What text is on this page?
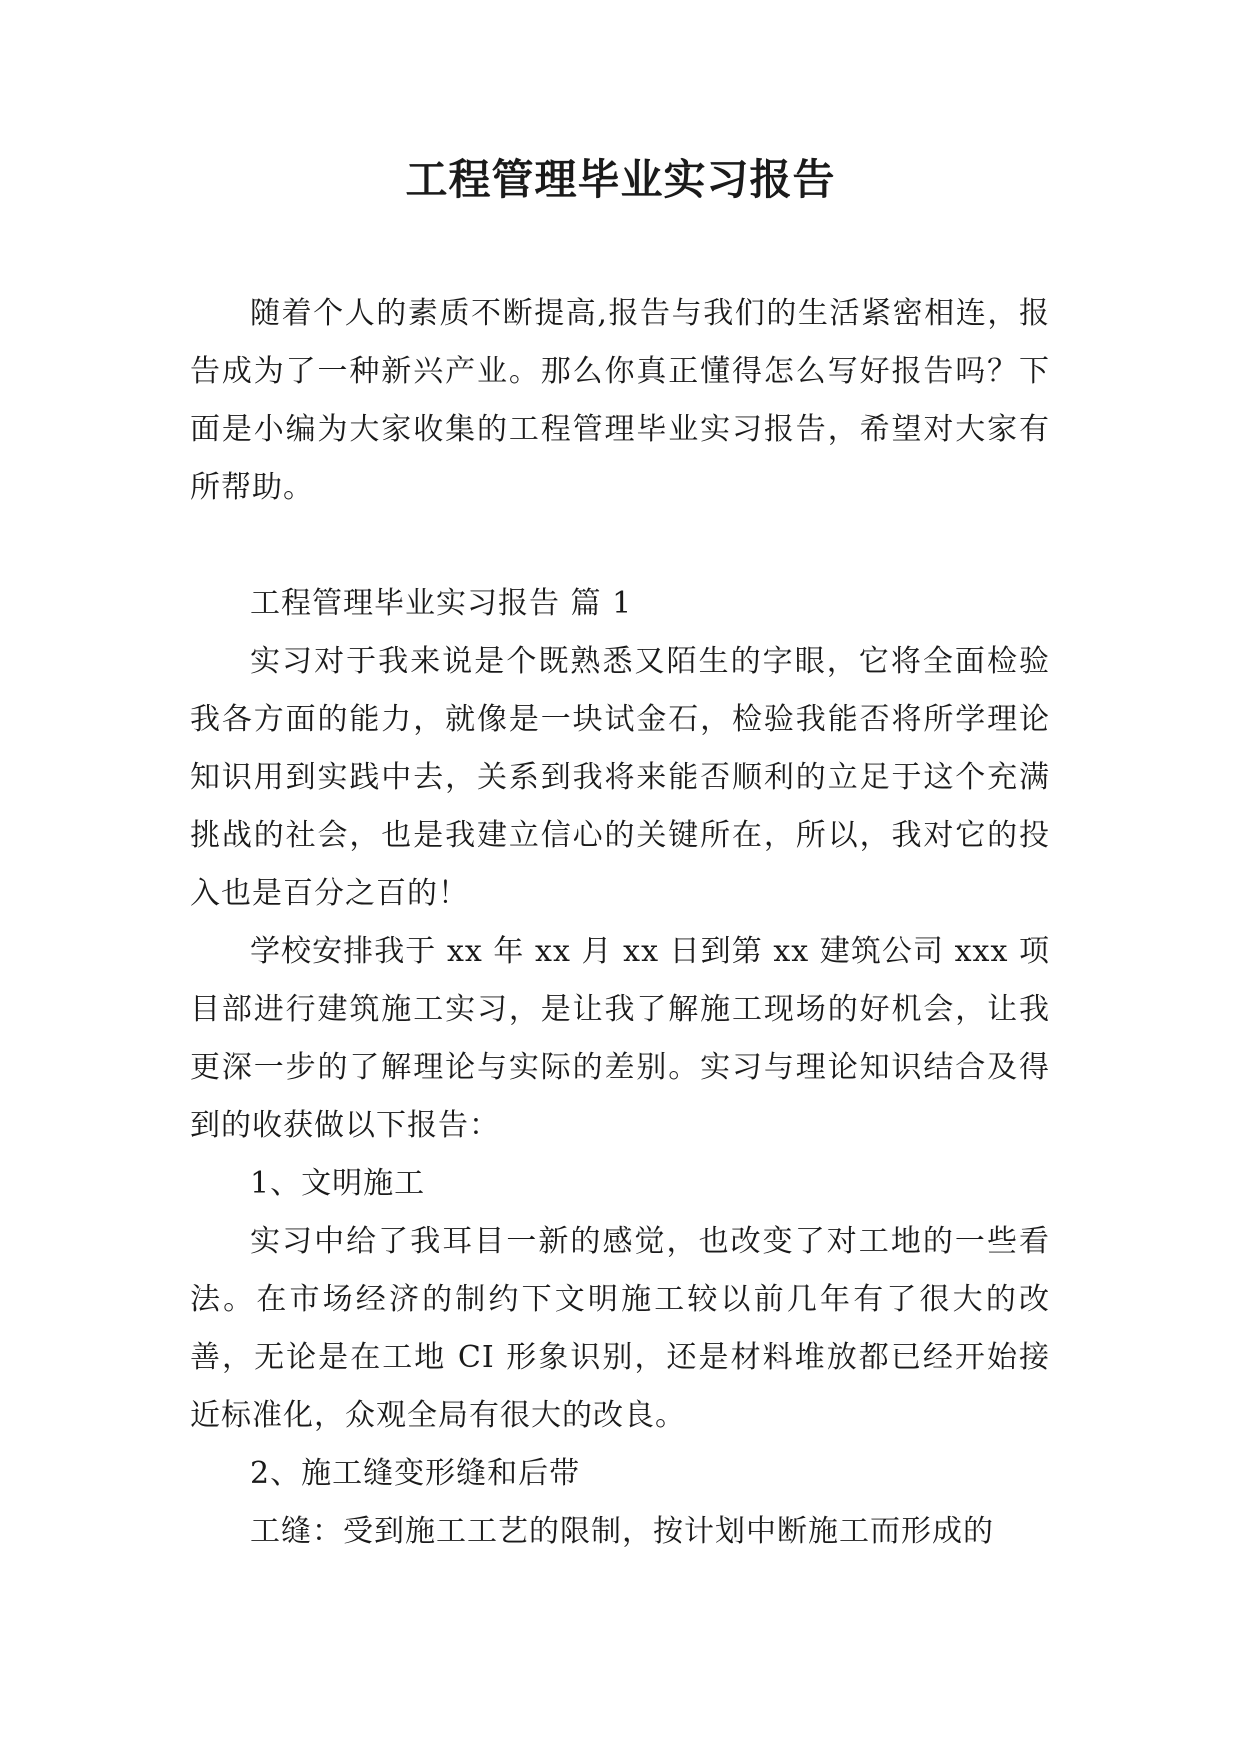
工程管理毕业实习报告

随着个人的素质不断提高,报告与我们的生活紧密相连，报告成为了一种新兴产业。那么你真正懂得怎么写好报告吗？下面是小编为大家收集的工程管理毕业实习报告，希望对大家有所帮助。

工程管理毕业实习报告 篇 1

实习对于我来说是个既熟悉又陌生的字眼，它将全面检验我各方面的能力，就像是一块试金石，检验我能否将所学理论知识用到实践中去，关系到我将来能否顺利的立足于这个充满挑战的社会，也是我建立信心的关键所在，所以，我对它的投入也是百分之百的！

学校安排我于 xx 年 xx 月 xx 日到第 xx 建筑公司 xxx 项目部进行建筑施工实习，是让我了解施工现场的好机会，让我更深一步的了解理论与实际的差别。实习与理论知识结合及得到的收获做以下报告：

1、文明施工

实习中给了我耳目一新的感觉，也改变了对工地的一些看法。在市场经济的制约下文明施工较以前几年有了很大的改善，无论是在工地 CI 形象识别，还是材料堆放都已经开始接近标准化，众观全局有很大的改良。

2、施工缝变形缝和后带

工缝：受到施工工艺的限制，按计划中断施工而形成的
